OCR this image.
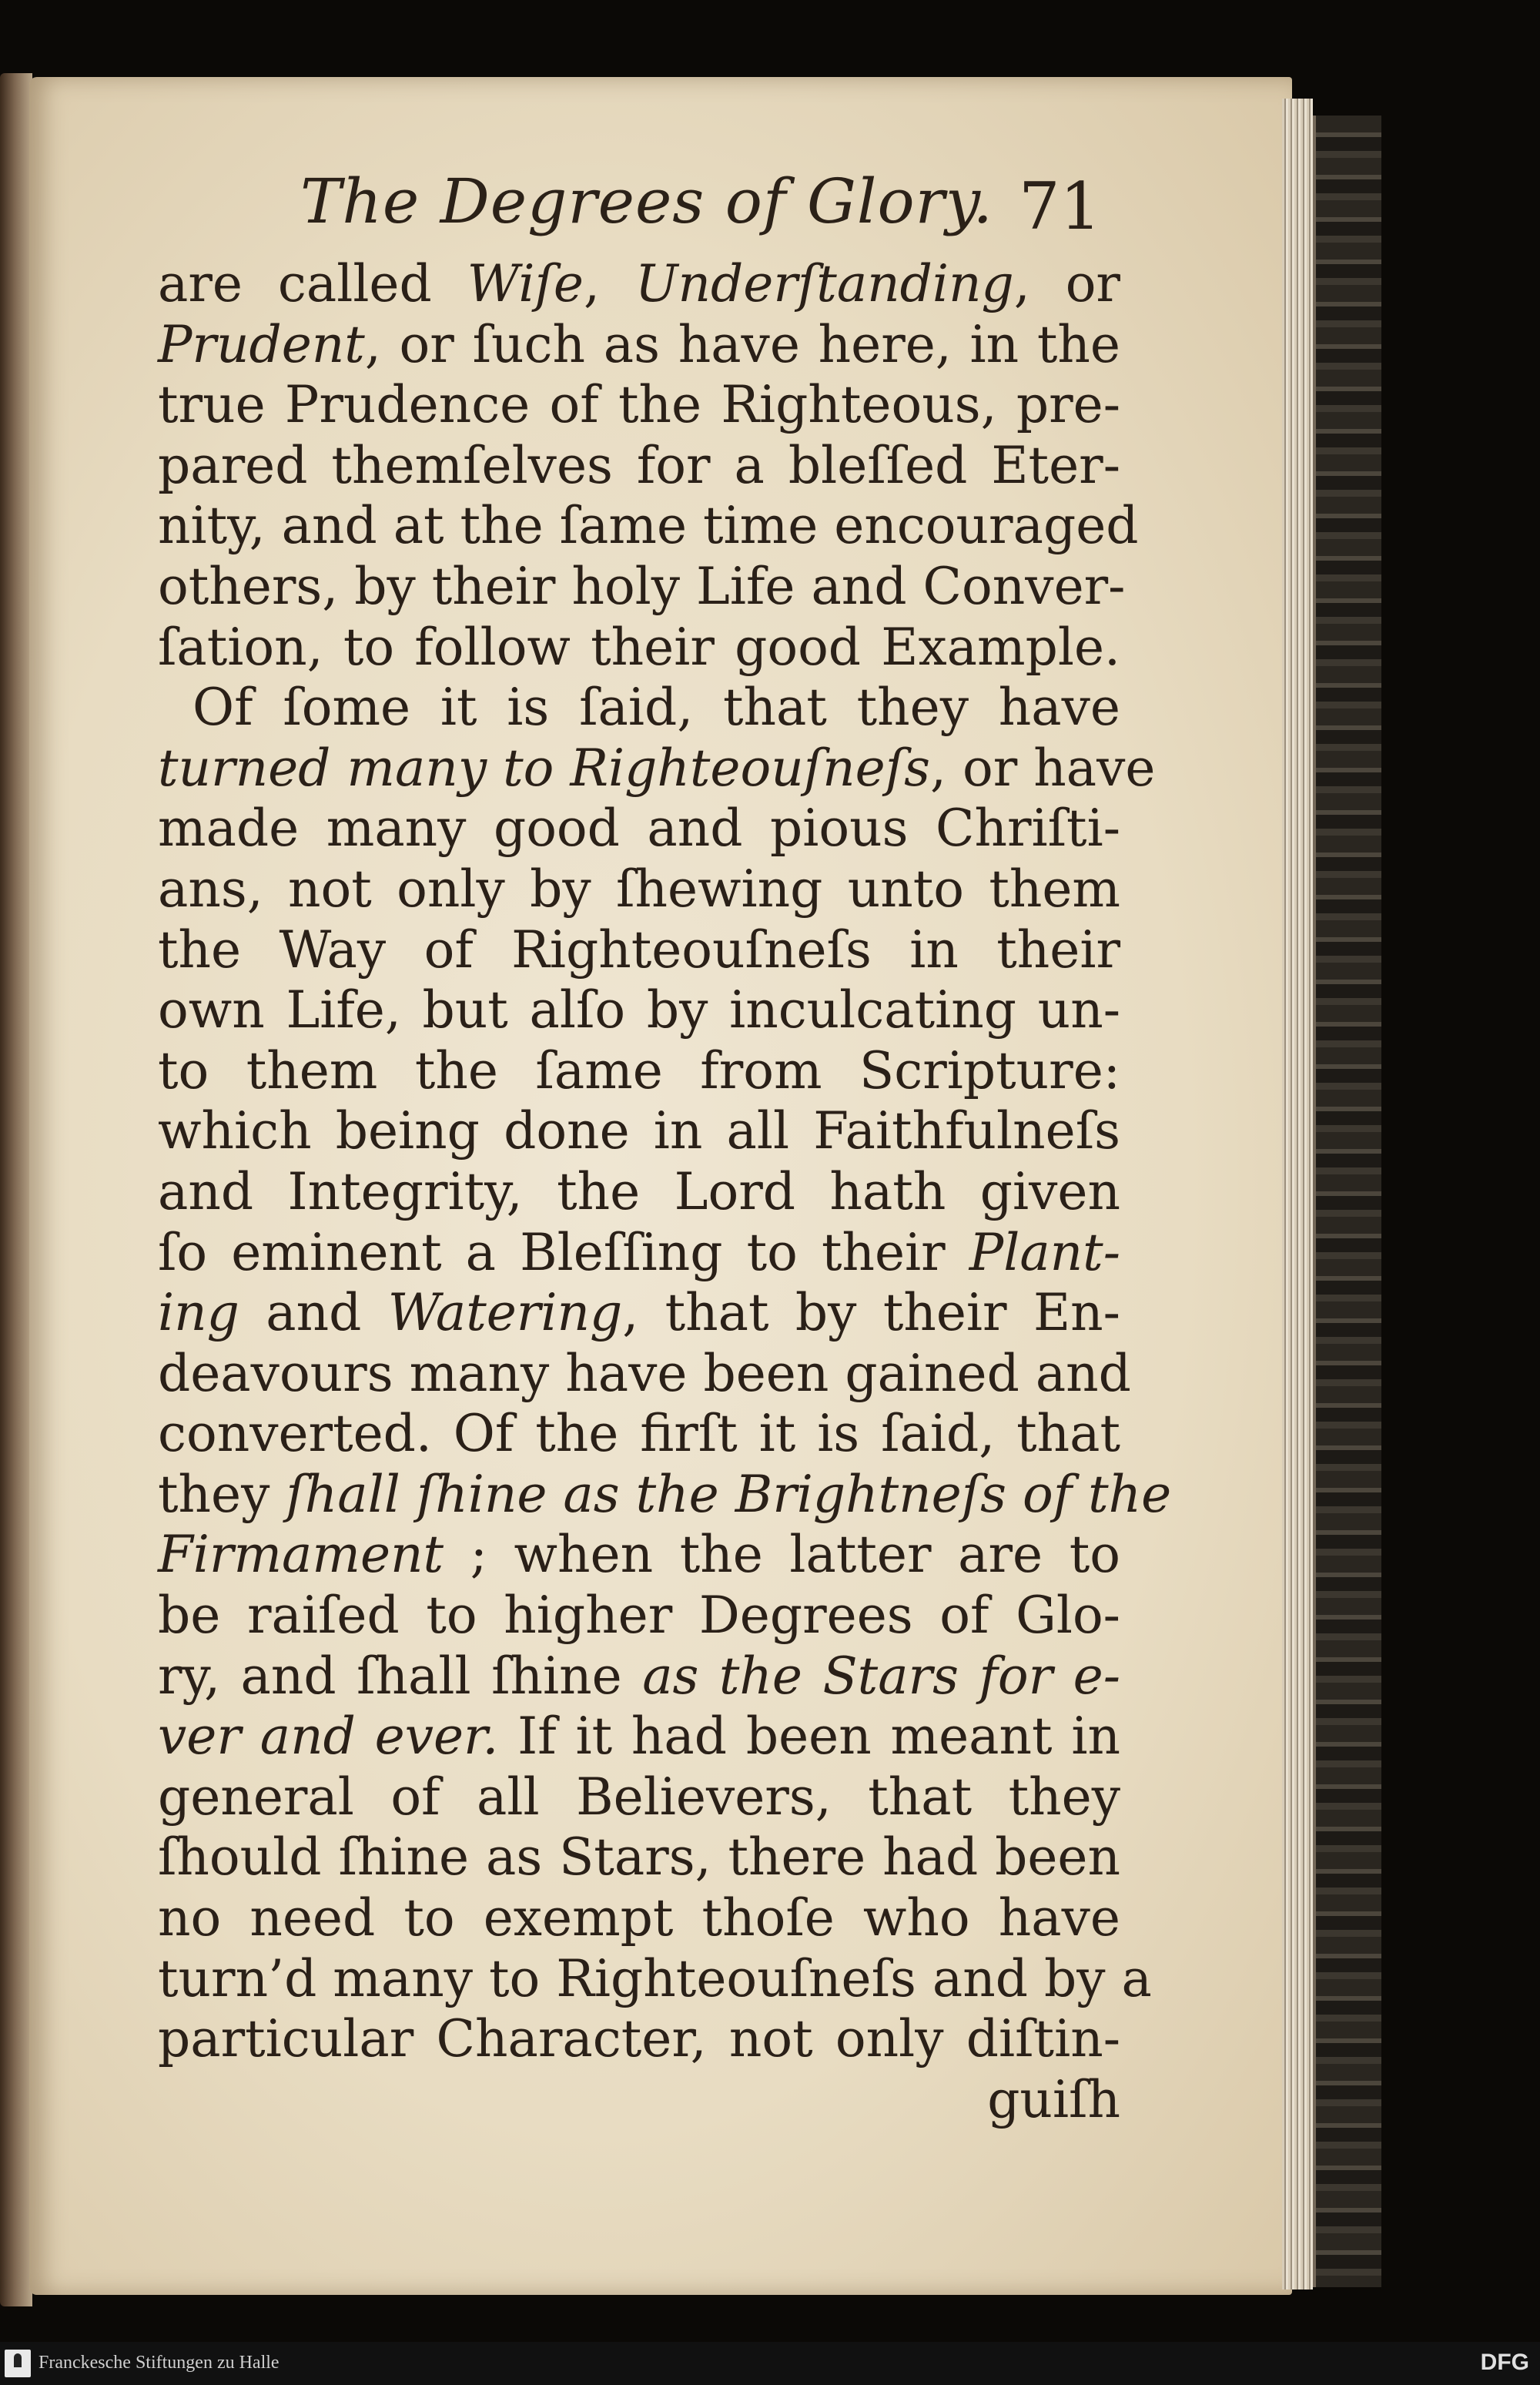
The Degrees of Glory. 71
are called Wiſe, Underſtanding, or
Prudent, or ſuch as have here, in the
true Prudence of the Righteous, pre-
pared themſelves for a bleſſed Eter-
nity, and at the ſame time encouraged
others, by their holy Life and Conver-
ſation, to follow their good Example.
Of ſome it is ſaid, that they have
turned many to Righteouſneſs, or have
made many good and pious Chriſti-
ans, not only by ſhewing unto them
the Way of Righteouſneſs in their
own Life, but alſo by inculcating un-
to them the ſame from Scripture:
which being done in all Faithfulneſs
and Integrity, the Lord hath given
ſo eminent a Bleſſing to their Plant-
ing and Watering, that by their En-
deavours many have been gained and
converted. Of the firſt it is ſaid, that
they ſhall ſhine as the Brightneſs of the
Firmament ; when the latter are to
be raiſed to higher Degrees of Glo-
ry, and ſhall ſhine as the Stars for e-
ver and ever. If it had been meant in
general of all Believers, that they
ſhould ſhine as Stars, there had been
no need to exempt thoſe who have
turn’d many to Righteouſneſs and by a
particular Character, not only diſtin-
guiſh
Franckesche Stiftungen zu Halle	DFG
